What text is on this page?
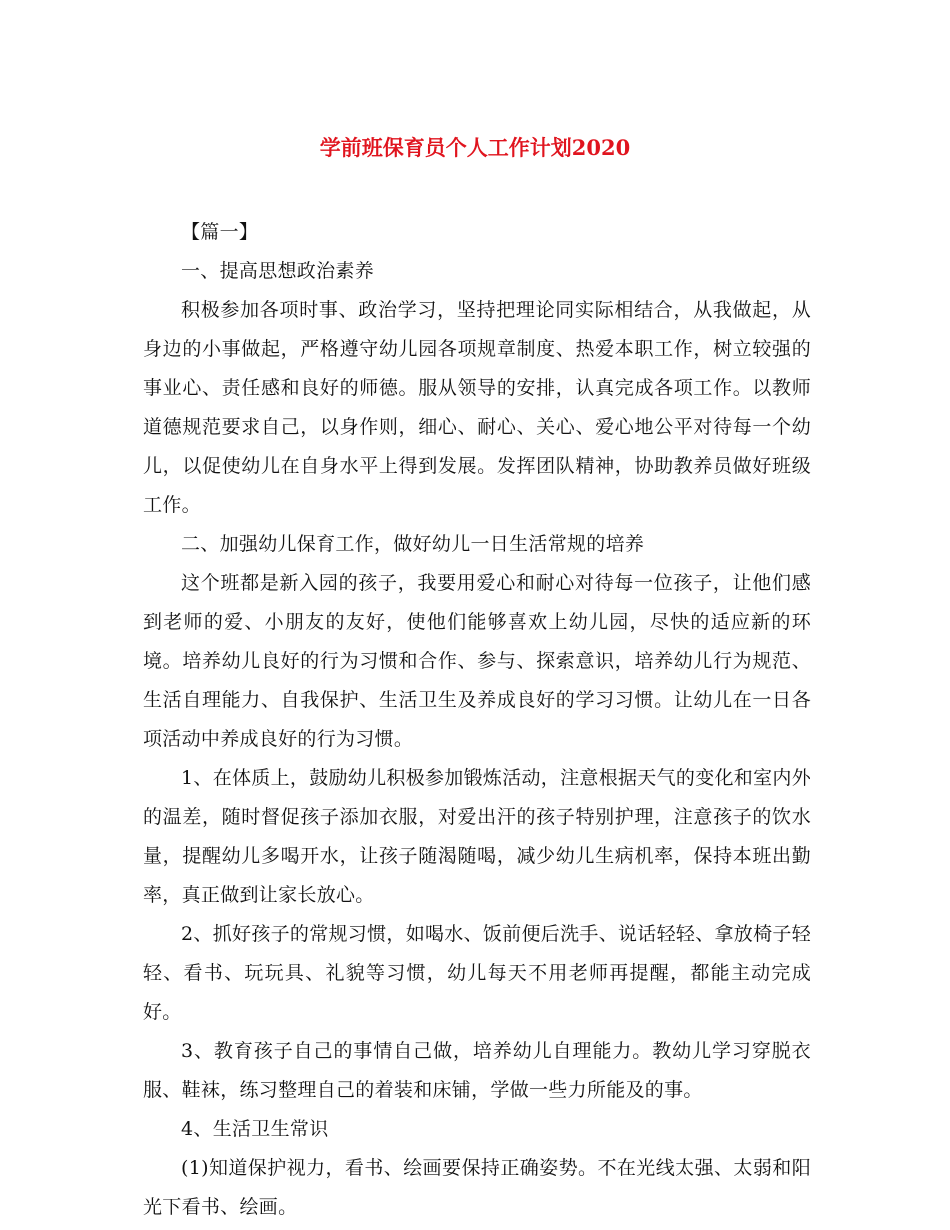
学前班保育员个人工作计划2020

【篇一】

一、提高思想政治素养

积极参加各项时事、政治学习，坚持把理论同实际相结合，从我做起，从身边的小事做起，严格遵守幼儿园各项规章制度、热爱本职工作，树立较强的事业心、责任感和良好的师德。服从领导的安排，认真完成各项工作。以教师道德规范要求自己，以身作则，细心、耐心、关心、爱心地公平对待每一个幼儿，以促使幼儿在自身水平上得到发展。发挥团队精神，协助教养员做好班级工作。

二、加强幼儿保育工作，做好幼儿一日生活常规的培养

这个班都是新入园的孩子，我要用爱心和耐心对待每一位孩子，让他们感到老师的爱、小朋友的友好，使他们能够喜欢上幼儿园，尽快的适应新的环境。培养幼儿良好的行为习惯和合作、参与、探索意识，培养幼儿行为规范、生活自理能力、自我保护、生活卫生及养成良好的学习习惯。让幼儿在一日各项活动中养成良好的行为习惯。

1、在体质上，鼓励幼儿积极参加锻炼活动，注意根据天气的变化和室内外的温差，随时督促孩子添加衣服，对爱出汗的孩子特别护理，注意孩子的饮水量，提醒幼儿多喝开水，让孩子随渴随喝，减少幼儿生病机率，保持本班出勤率，真正做到让家长放心。

2、抓好孩子的常规习惯，如喝水、饭前便后洗手、说话轻轻、拿放椅子轻轻、看书、玩玩具、礼貌等习惯，幼儿每天不用老师再提醒，都能主动完成好。

3、教育孩子自己的事情自己做，培养幼儿自理能力。教幼儿学习穿脱衣服、鞋袜，练习整理自己的着装和床铺，学做一些力所能及的事。

4、生活卫生常识

(1)知道保护视力，看书、绘画要保持正确姿势。不在光线太强、太弱和阳光下看书、绘画。
